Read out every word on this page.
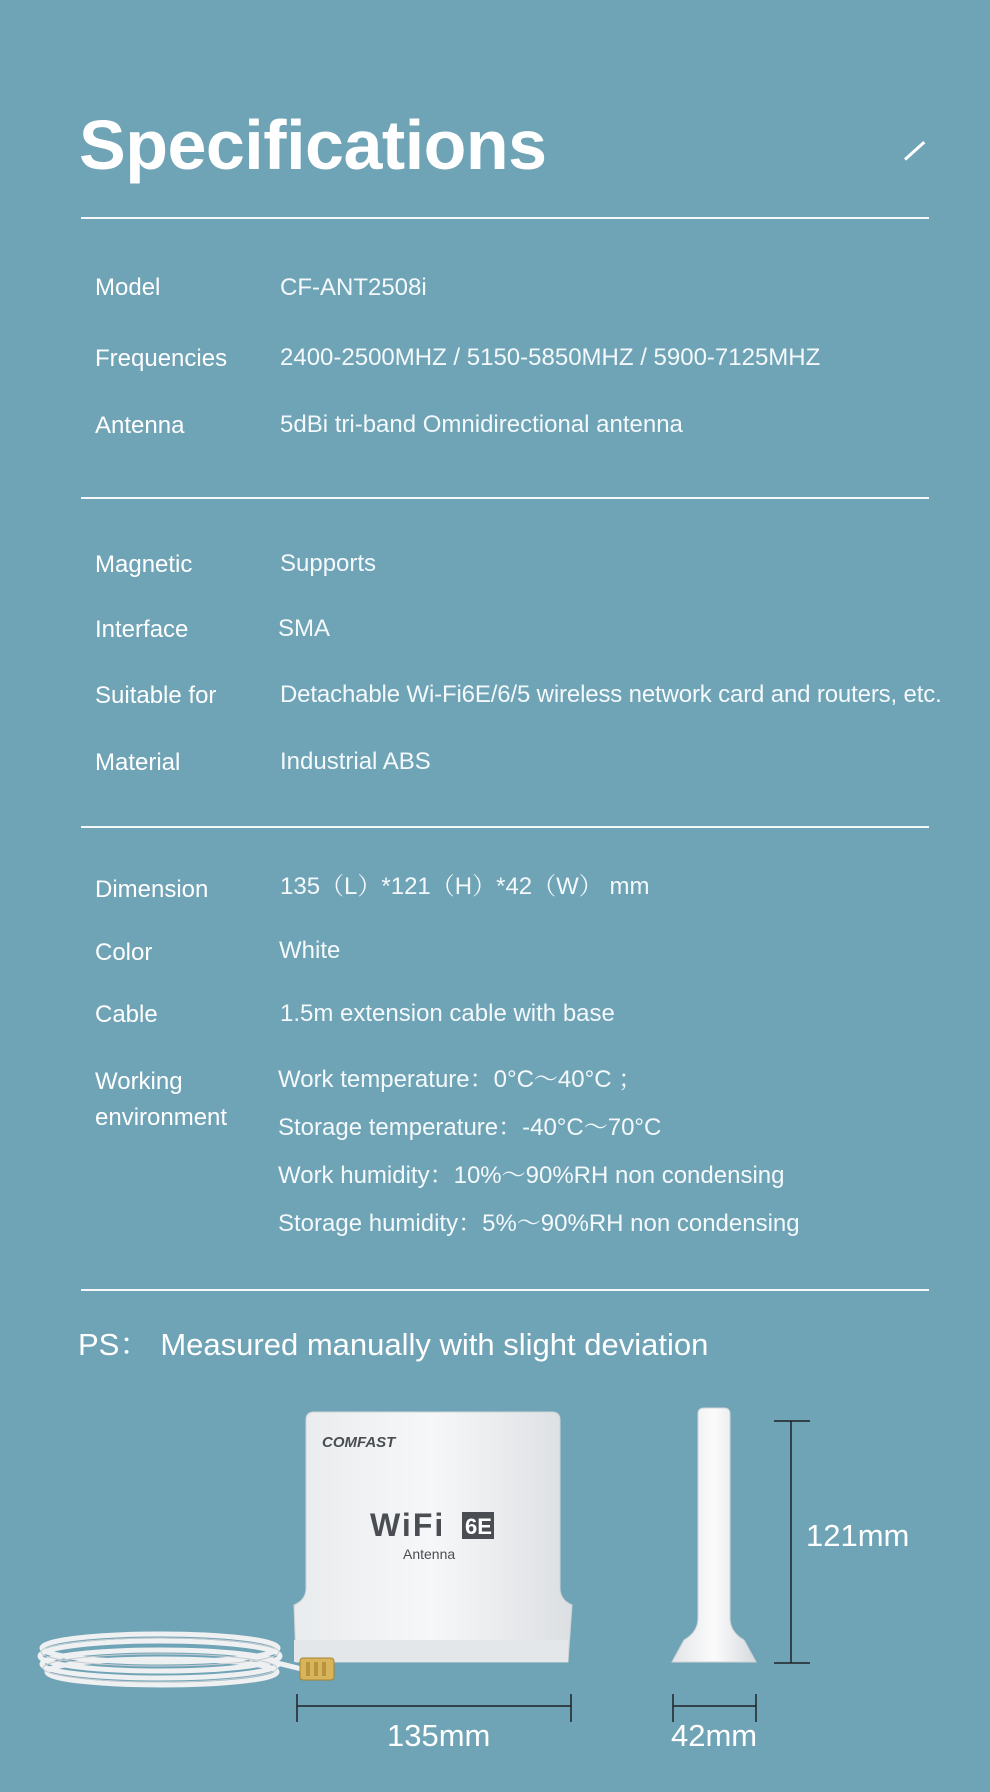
Specifications
Model	CF-ANT2508i
Frequencies 2400-2500MHZ / 5150-5850MHZ / 5900-7125MHZ
Antenna	5dBi tri-band Omnidirectional antenna
Magnetic	Supports
Interface	SMA
Suitable for	Detachable Wi-Fi6E/6/5 wireless network card and routers, etc.
Material	Industrial ABS
Dimension	135（L）*121（H）*42（W） mm
Color	White
Cable	1.5m extension cable with base
Working
environment
Work temperature：0°C～40°C ；
Storage temperature：-40°C～70°C
Work humidity：10%～90%RH non condensing
Storage humidity：5%～90%RH non condensing
PS： Measured manually with slight deviation
COMFAST
WiFi 6E
Antenna
135mm	42mm
121mm
